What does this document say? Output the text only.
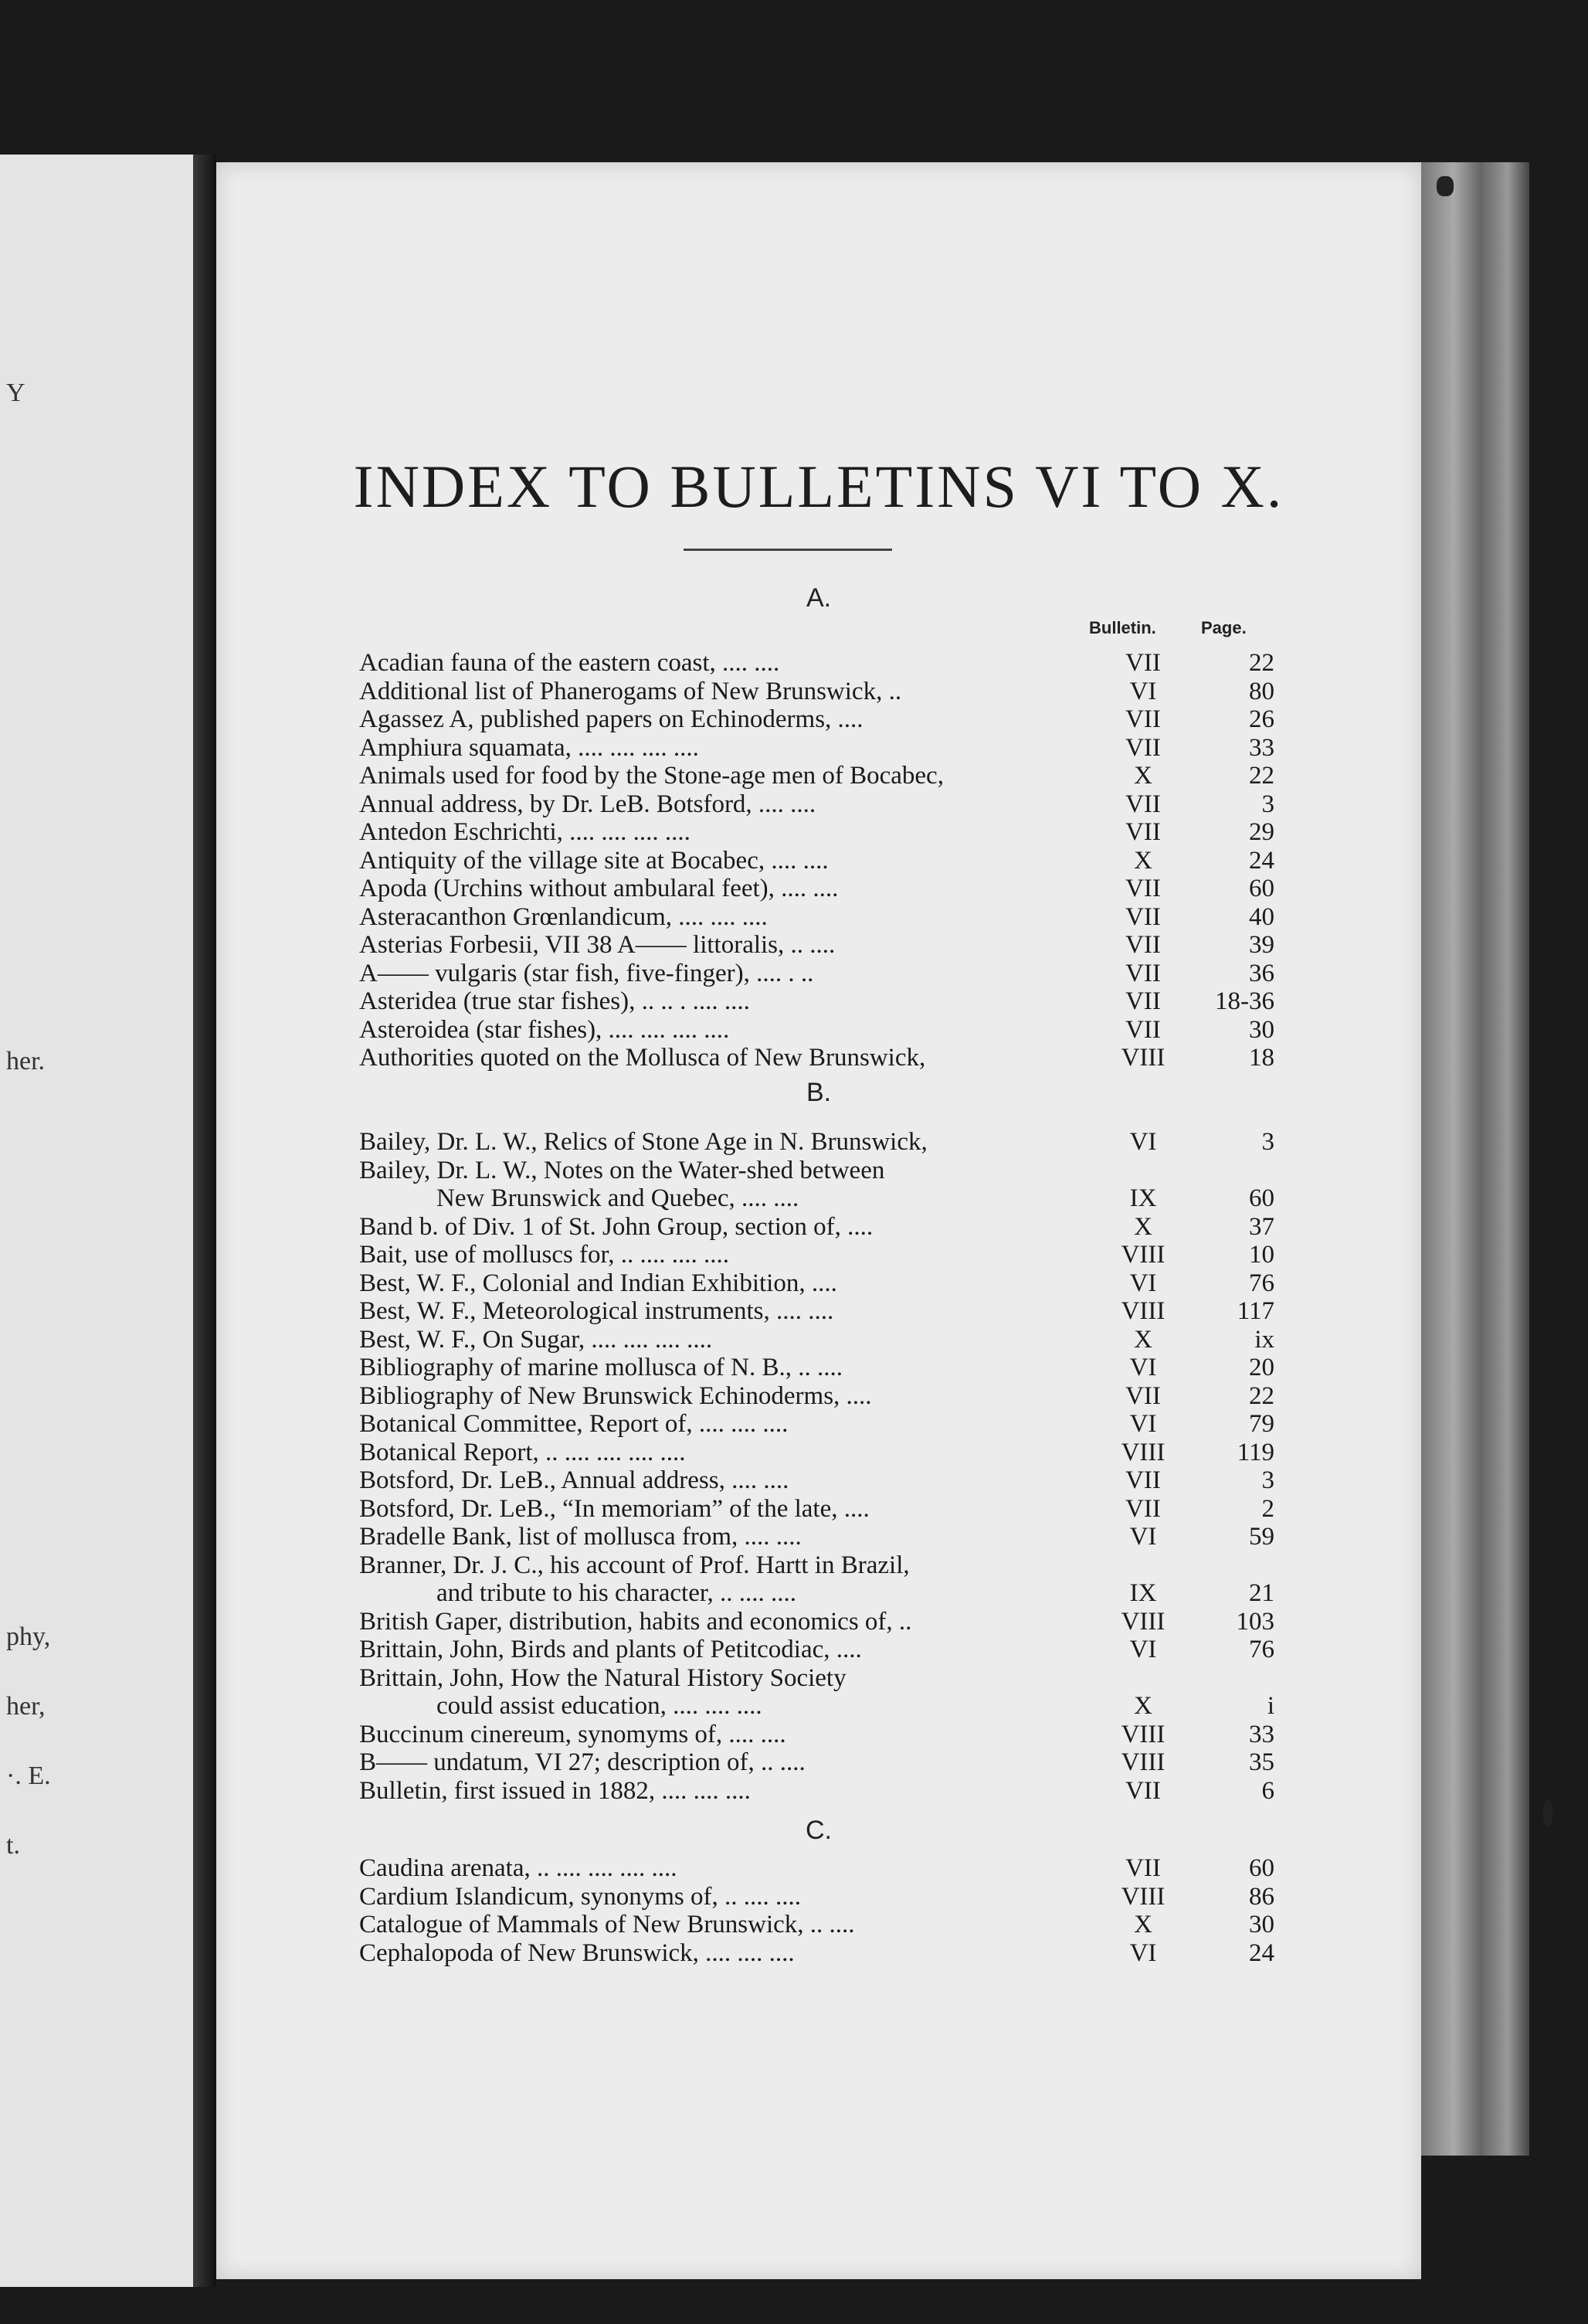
Y
her.
phy,
her,
·. E.
t.
INDEX TO BULLETINS VI TO X.
Bulletin.	Page.
A.
Acadian fauna of the eastern coast, .... ....	VII	22
Additional list of Phanerogams of New Brunswick, ..	VI	80
Agassez A, published papers on Echinoderms, ....	VII	26
Amphiura squamata, .... .... .... ....	VII	33
Animals used for food by the Stone-age men of Bocabec,	X	22
Annual address, by Dr. LeB. Botsford, .... ....	VII	3
Antedon Eschrichti, .... .... .... ....	VII	29
Antiquity of the village site at Bocabec, .... ....	X	24
Apoda (Urchins without ambularal feet), .... ....	VII	60
Asteracanthon Grœnlandicum, .... .... ....	VII	40
Asterias Forbesii, VII 38 A—— littoralis, .. ....	VII	39
A—— vulgaris (star fish, five-finger), .... . ..	VII	36
Asteridea (true star fishes), .. .. . .... ....	VII	18-36
Asteroidea (star fishes), .... .... .... ....	VII	30
Authorities quoted on the Mollusca of New Brunswick,	VIII	18
B.
Bailey, Dr. L. W., Relics of Stone Age in N. Brunswick,	VI	3
Bailey, Dr. L. W., Notes on the Water-shed between
New Brunswick and Quebec, .... ....	IX	60
Band b. of Div. 1 of St. John Group, section of, ....	X	37
Bait, use of molluscs for, .. .... .... ....	VIII	10
Best, W. F., Colonial and Indian Exhibition, ....	VI	76
Best, W. F., Meteorological instruments, .... ....	VIII	117
Best, W. F., On Sugar, .... .... .... ....	X	ix
Bibliography of marine mollusca of N. B., .. ....	VI	20
Bibliography of New Brunswick Echinoderms, ....	VII	22
Botanical Committee, Report of, .... .... ....	VI	79
Botanical Report, .. .... .... .... ....	VIII	119
Botsford, Dr. LeB., Annual address, .... ....	VII	3
Botsford, Dr. LeB., “In memoriam” of the late, ....	VII	2
Bradelle Bank, list of mollusca from, .... ....	VI	59
Branner, Dr. J. C., his account of Prof. Hartt in Brazil,
and tribute to his character, .. .... ....	IX	21
British Gaper, distribution, habits and economics of, ..	VIII	103
Brittain, John, Birds and plants of Petitcodiac, ....	VI	76
Brittain, John, How the Natural History Society
could assist education, .... .... ....	X	i
Buccinum cinereum, synomyms of, .... ....	VIII	33
B—— undatum, VI 27; description of, .. ....	VIII	35
Bulletin, first issued in 1882, .... .... ....	VII	6
C.
Caudina arenata, .. .... .... .... ....	VII	60
Cardium Islandicum, synonyms of, .. .... ....	VIII	86
Catalogue of Mammals of New Brunswick, .. ....	X	30
Cephalopoda of New Brunswick, .... .... ....	VI	24
